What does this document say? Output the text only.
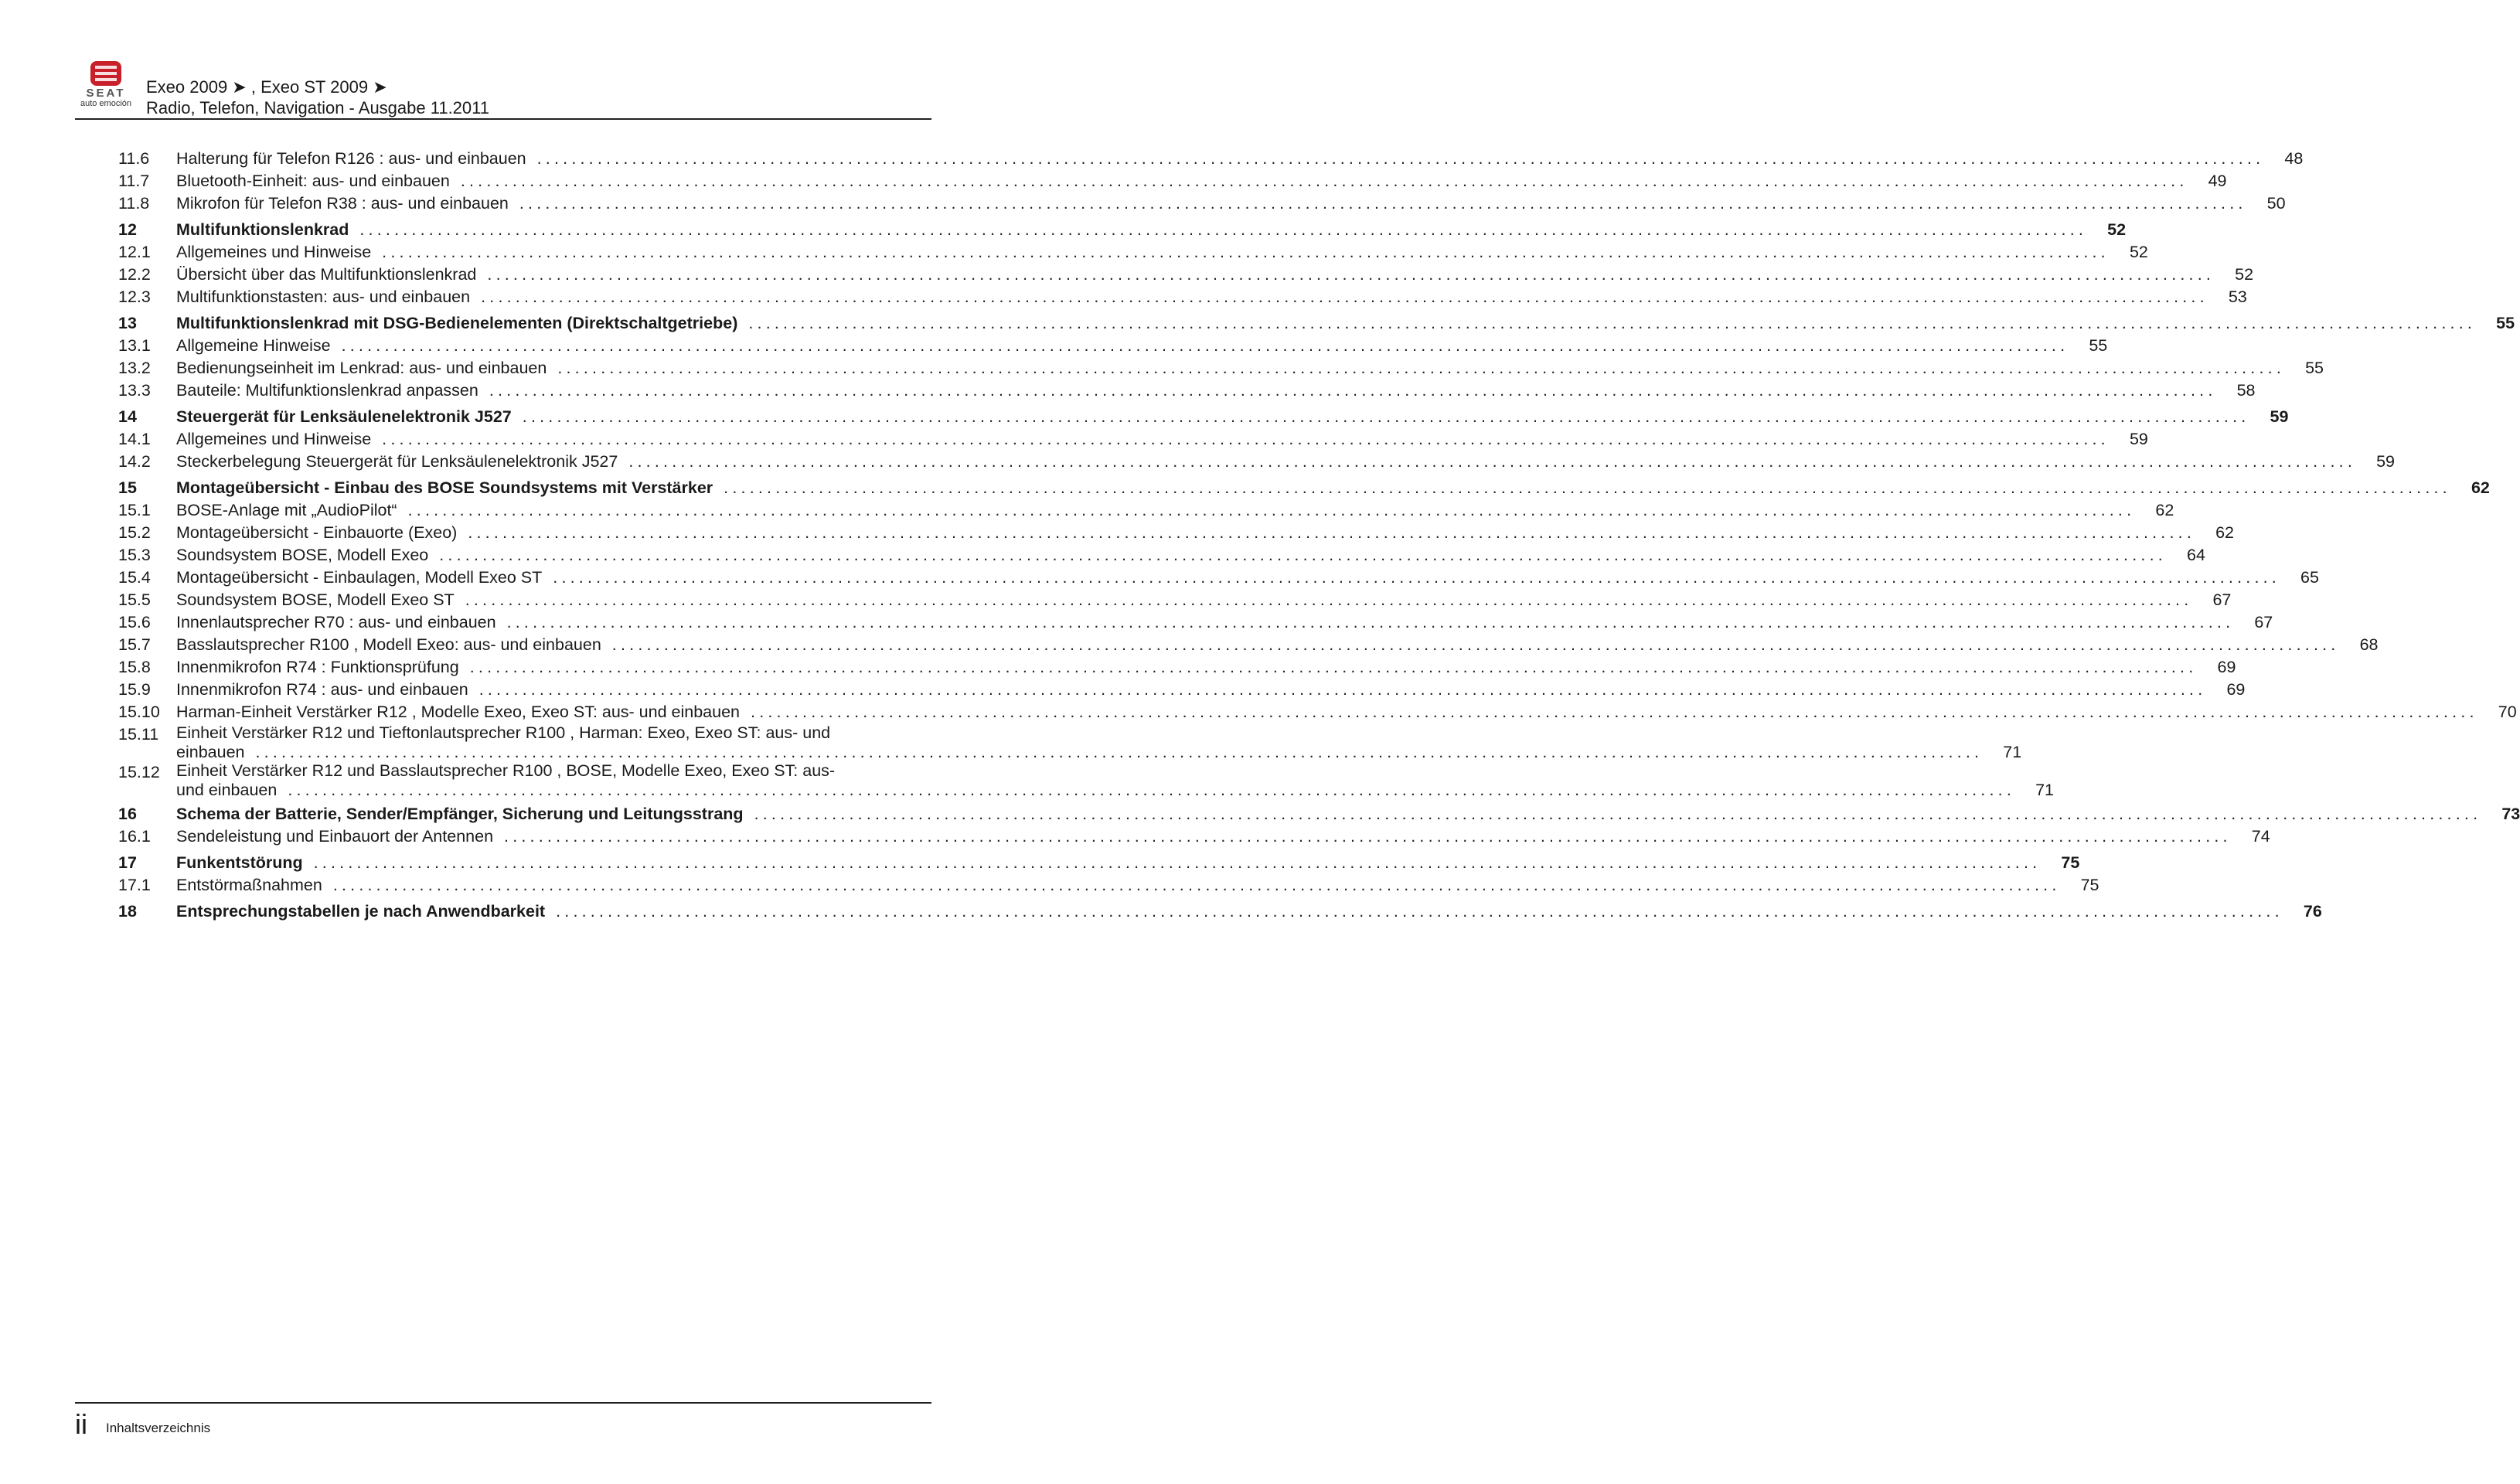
SEAT
auto emoción
Exeo 2009 ➤ , Exeo ST 2009 ➤
Radio, Telefon, Navigation - Ausgabe 11.2011
11.6 Halterung für Telefon R126 : aus- und einbauen ........................................................................................................................................................................................................	48
11.7 Bluetooth-Einheit: aus- und einbauen ........................................................................................................................................................................................................	49
11.8 Mikrofon für Telefon R38 : aus- und einbauen ........................................................................................................................................................................................................	50
12 Multifunktionslenkrad ........................................................................................................................................................................................................	52
12.1 Allgemeines und Hinweise ........................................................................................................................................................................................................	52
12.2 Übersicht über das Multifunktionslenkrad ........................................................................................................................................................................................................	52
12.3 Multifunktionstasten: aus- und einbauen ........................................................................................................................................................................................................	53
13 Multifunktionslenkrad mit DSG-Bedienelementen (Direktschaltgetriebe) ........................................................................................................................................................................................................	55
13.1 Allgemeine Hinweise ........................................................................................................................................................................................................	55
13.2 Bedienungseinheit im Lenkrad: aus- und einbauen ........................................................................................................................................................................................................	55
13.3 Bauteile: Multifunktionslenkrad anpassen ........................................................................................................................................................................................................	58
14 Steuergerät für Lenksäulenelektronik J527 ........................................................................................................................................................................................................	59
14.1 Allgemeines und Hinweise ........................................................................................................................................................................................................	59
14.2 Steckerbelegung Steuergerät für Lenksäulenelektronik J527 ........................................................................................................................................................................................................	59
15 Montageübersicht - Einbau des BOSE Soundsystems mit Verstärker ........................................................................................................................................................................................................	62
15.1 BOSE-Anlage mit „AudioPilot“ ........................................................................................................................................................................................................	62
15.2 Montageübersicht - Einbauorte (Exeo) ........................................................................................................................................................................................................	62
15.3 Soundsystem BOSE, Modell Exeo ........................................................................................................................................................................................................	64
15.4 Montageübersicht - Einbaulagen, Modell Exeo ST ........................................................................................................................................................................................................	65
15.5 Soundsystem BOSE, Modell Exeo ST ........................................................................................................................................................................................................	67
15.6 Innenlautsprecher R70 : aus- und einbauen ........................................................................................................................................................................................................	67
15.7 Basslautsprecher R100 , Modell Exeo: aus- und einbauen ........................................................................................................................................................................................................	68
15.8 Innenmikrofon R74 : Funktionsprüfung ........................................................................................................................................................................................................	69
15.9 Innenmikrofon R74 : aus- und einbauen ........................................................................................................................................................................................................	69
15.10 Harman-Einheit Verstärker R12 , Modelle Exeo, Exeo ST: aus- und einbauen ........................................................................................................................................................................................................	70
15.11 Einheit Verstärker R12 und Tieftonlautsprecher R100 , Harman: Exeo, Exeo ST: aus- und
einbauen ........................................................................................................................................................................................................	71
15.12 Einheit Verstärker R12 und Basslautsprecher R100 , BOSE, Modelle Exeo, Exeo ST: aus-
und einbauen ........................................................................................................................................................................................................	71
16 Schema der Batterie, Sender/Empfänger, Sicherung und Leitungsstrang ........................................................................................................................................................................................................	73
16.1 Sendeleistung und Einbauort der Antennen ........................................................................................................................................................................................................	74
17 Funkentstörung ........................................................................................................................................................................................................	75
17.1 Entstörmaßnahmen ........................................................................................................................................................................................................	75
18 Entsprechungstabellen je nach Anwendbarkeit ........................................................................................................................................................................................................	76
ii Inhaltsverzeichnis
